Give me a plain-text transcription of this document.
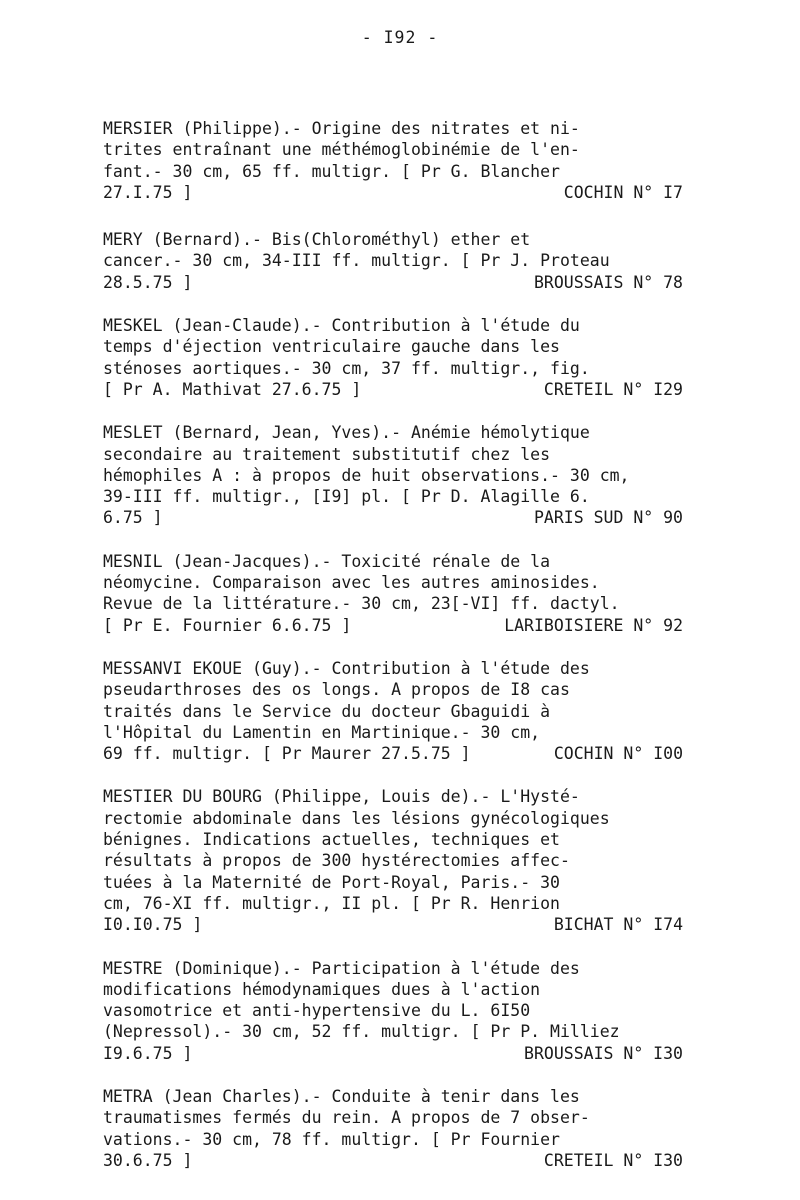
- I92 -
MERSIER (Philippe).- Origine des nitrates et ni-
trites entraînant une méthémoglobinémie de l'en-
fant.- 30 cm, 65 ff. multigr. [ Pr G. Blancher
27.I.75 ]	COCHIN N° I7
MERY (Bernard).- Bis(Chlorométhyl) ether et
cancer.- 30 cm, 34-III ff. multigr. [ Pr J. Proteau
28.5.75 ]	BROUSSAIS N° 78
MESKEL (Jean-Claude).- Contribution à l'étude du
temps d'éjection ventriculaire gauche dans les
sténoses aortiques.- 30 cm, 37 ff. multigr., fig.
[ Pr A. Mathivat 27.6.75 ]	CRETEIL N° I29
MESLET (Bernard, Jean, Yves).- Anémie hémolytique
secondaire au traitement substitutif chez les
hémophiles A : à propos de huit observations.- 30 cm,
39-III ff. multigr., [I9] pl. [ Pr D. Alagille 6.
6.75 ]	PARIS SUD N° 90
MESNIL (Jean-Jacques).- Toxicité rénale de la
néomycine. Comparaison avec les autres aminosides.
Revue de la littérature.- 30 cm, 23[-VI] ff. dactyl.
[ Pr E. Fournier 6.6.75 ]	LARIBOISIERE N° 92
MESSANVI EKOUE (Guy).- Contribution à l'étude des
pseudarthroses des os longs. A propos de I8 cas
traités dans le Service du docteur Gbaguidi à
l'Hôpital du Lamentin en Martinique.- 30 cm,
69 ff. multigr. [ Pr Maurer 27.5.75 ]	COCHIN N° I00
MESTIER DU BOURG (Philippe, Louis de).- L'Hysté-
rectomie abdominale dans les lésions gynécologiques
bénignes. Indications actuelles, techniques et
résultats à propos de 300 hystérectomies affec-
tuées à la Maternité de Port-Royal, Paris.- 30
cm, 76-XI ff. multigr., II pl. [ Pr R. Henrion
I0.I0.75 ]	BICHAT N° I74
MESTRE (Dominique).- Participation à l'étude des
modifications hémodynamiques dues à l'action
vasomotrice et anti-hypertensive du L. 6I50
(Nepressol).- 30 cm, 52 ff. multigr. [ Pr P. Milliez
I9.6.75 ]	BROUSSAIS N° I30
METRA (Jean Charles).- Conduite à tenir dans les
traumatismes fermés du rein. A propos de 7 obser-
vations.- 30 cm, 78 ff. multigr. [ Pr Fournier
30.6.75 ]	CRETEIL N° I30
